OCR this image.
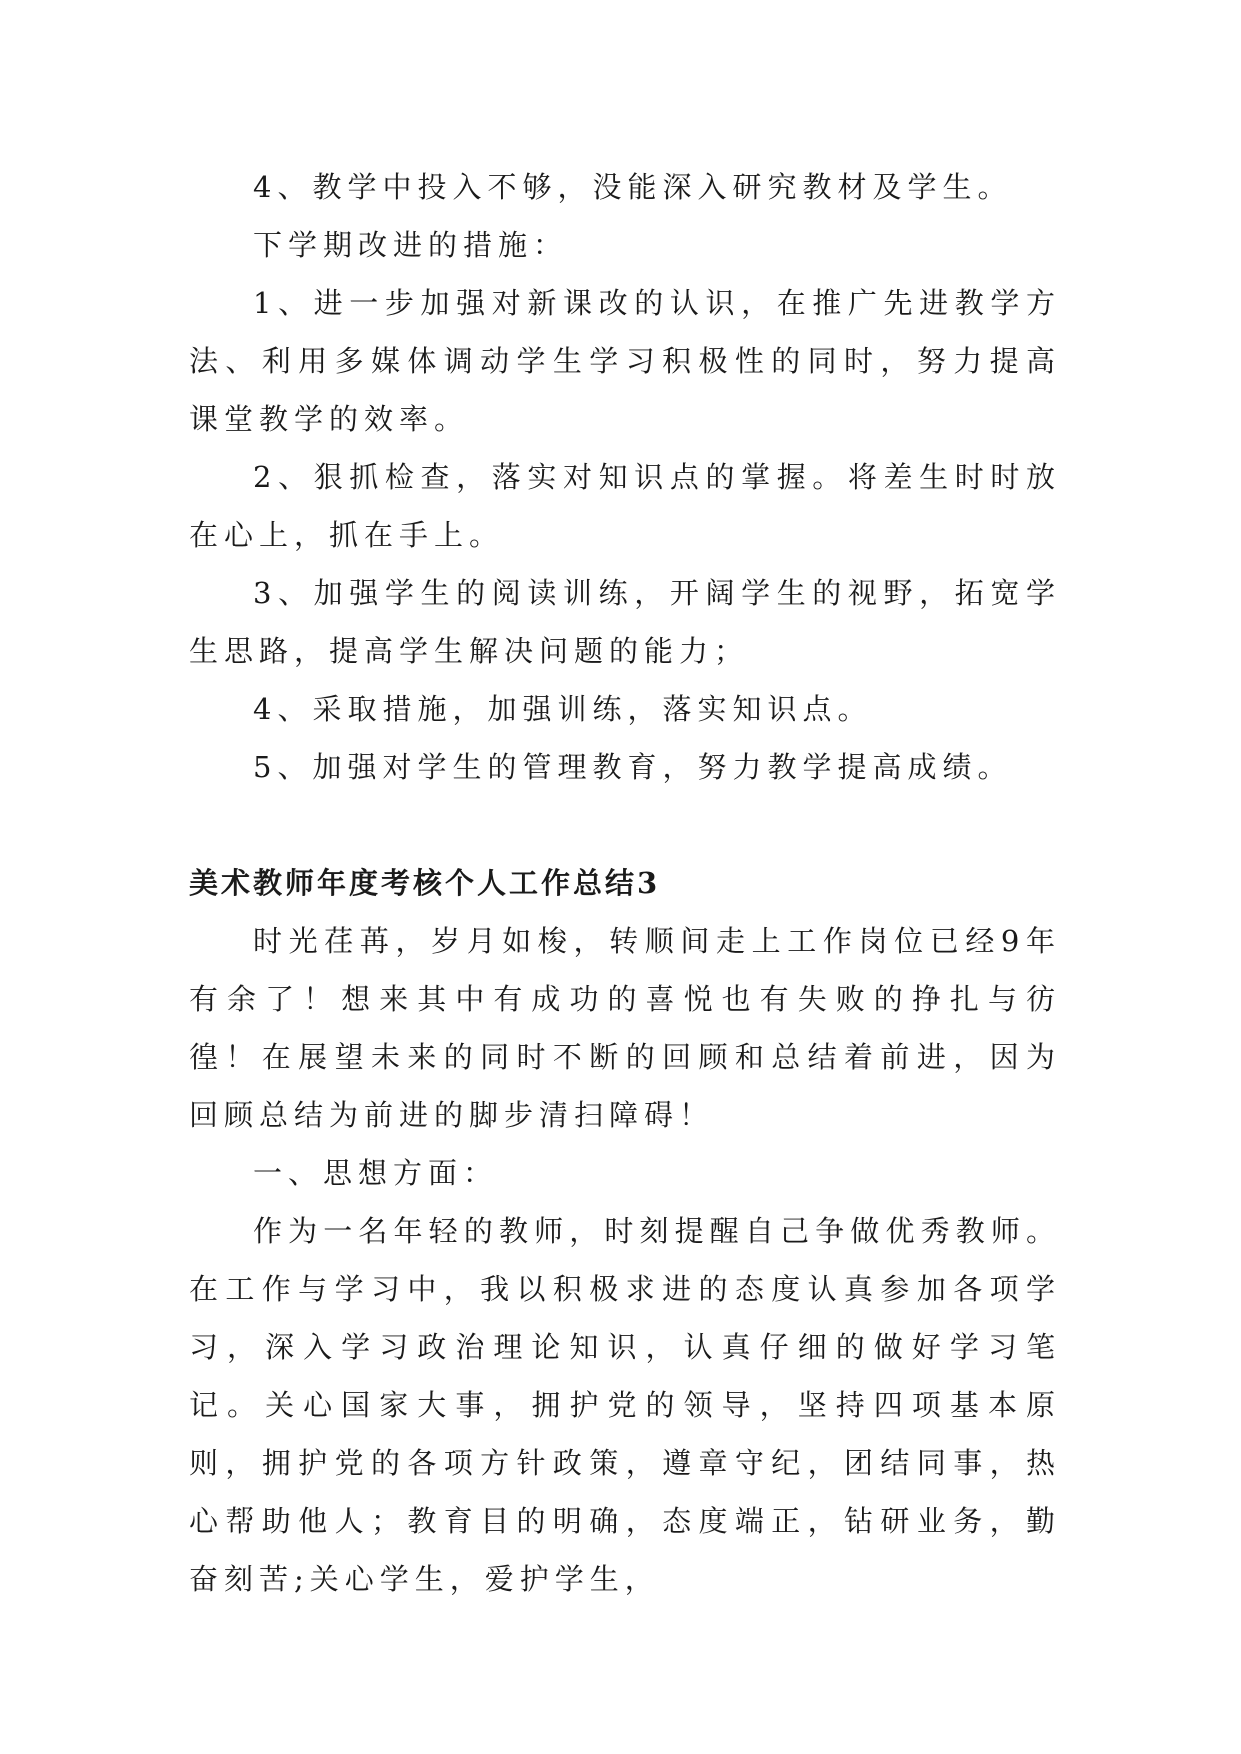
4、教学中投入不够，没能深入研究教材及学生。

下学期改进的措施：

1、进一步加强对新课改的认识，在推广先进教学方法、利用多媒体调动学生学习积极性的同时，努力提高课堂教学的效率。

2、狠抓检查，落实对知识点的掌握。将差生时时放在心上，抓在手上。

3、加强学生的阅读训练，开阔学生的视野，拓宽学生思路，提高学生解决问题的能力；

4、采取措施，加强训练，落实知识点。

5、加强对学生的管理教育，努力教学提高成绩。

美术教师年度考核个人工作总结3

时光荏苒，岁月如梭，转顺间走上工作岗位已经9年有余了！想来其中有成功的喜悦也有失败的挣扎与彷徨！在展望未来的同时不断的回顾和总结着前进，因为回顾总结为前进的脚步清扫障碍！

一、思想方面：

作为一名年轻的教师，时刻提醒自己争做优秀教师。在工作与学习中，我以积极求进的态度认真参加各项学习，深入学习政治理论知识，认真仔细的做好学习笔记。关心国家大事，拥护党的领导，坚持四项基本原则，拥护党的各项方针政策，遵章守纪，团结同事，热心帮助他人；教育目的明确，态度端正，钻研业务，勤奋刻苦;关心学生，爱护学生，
